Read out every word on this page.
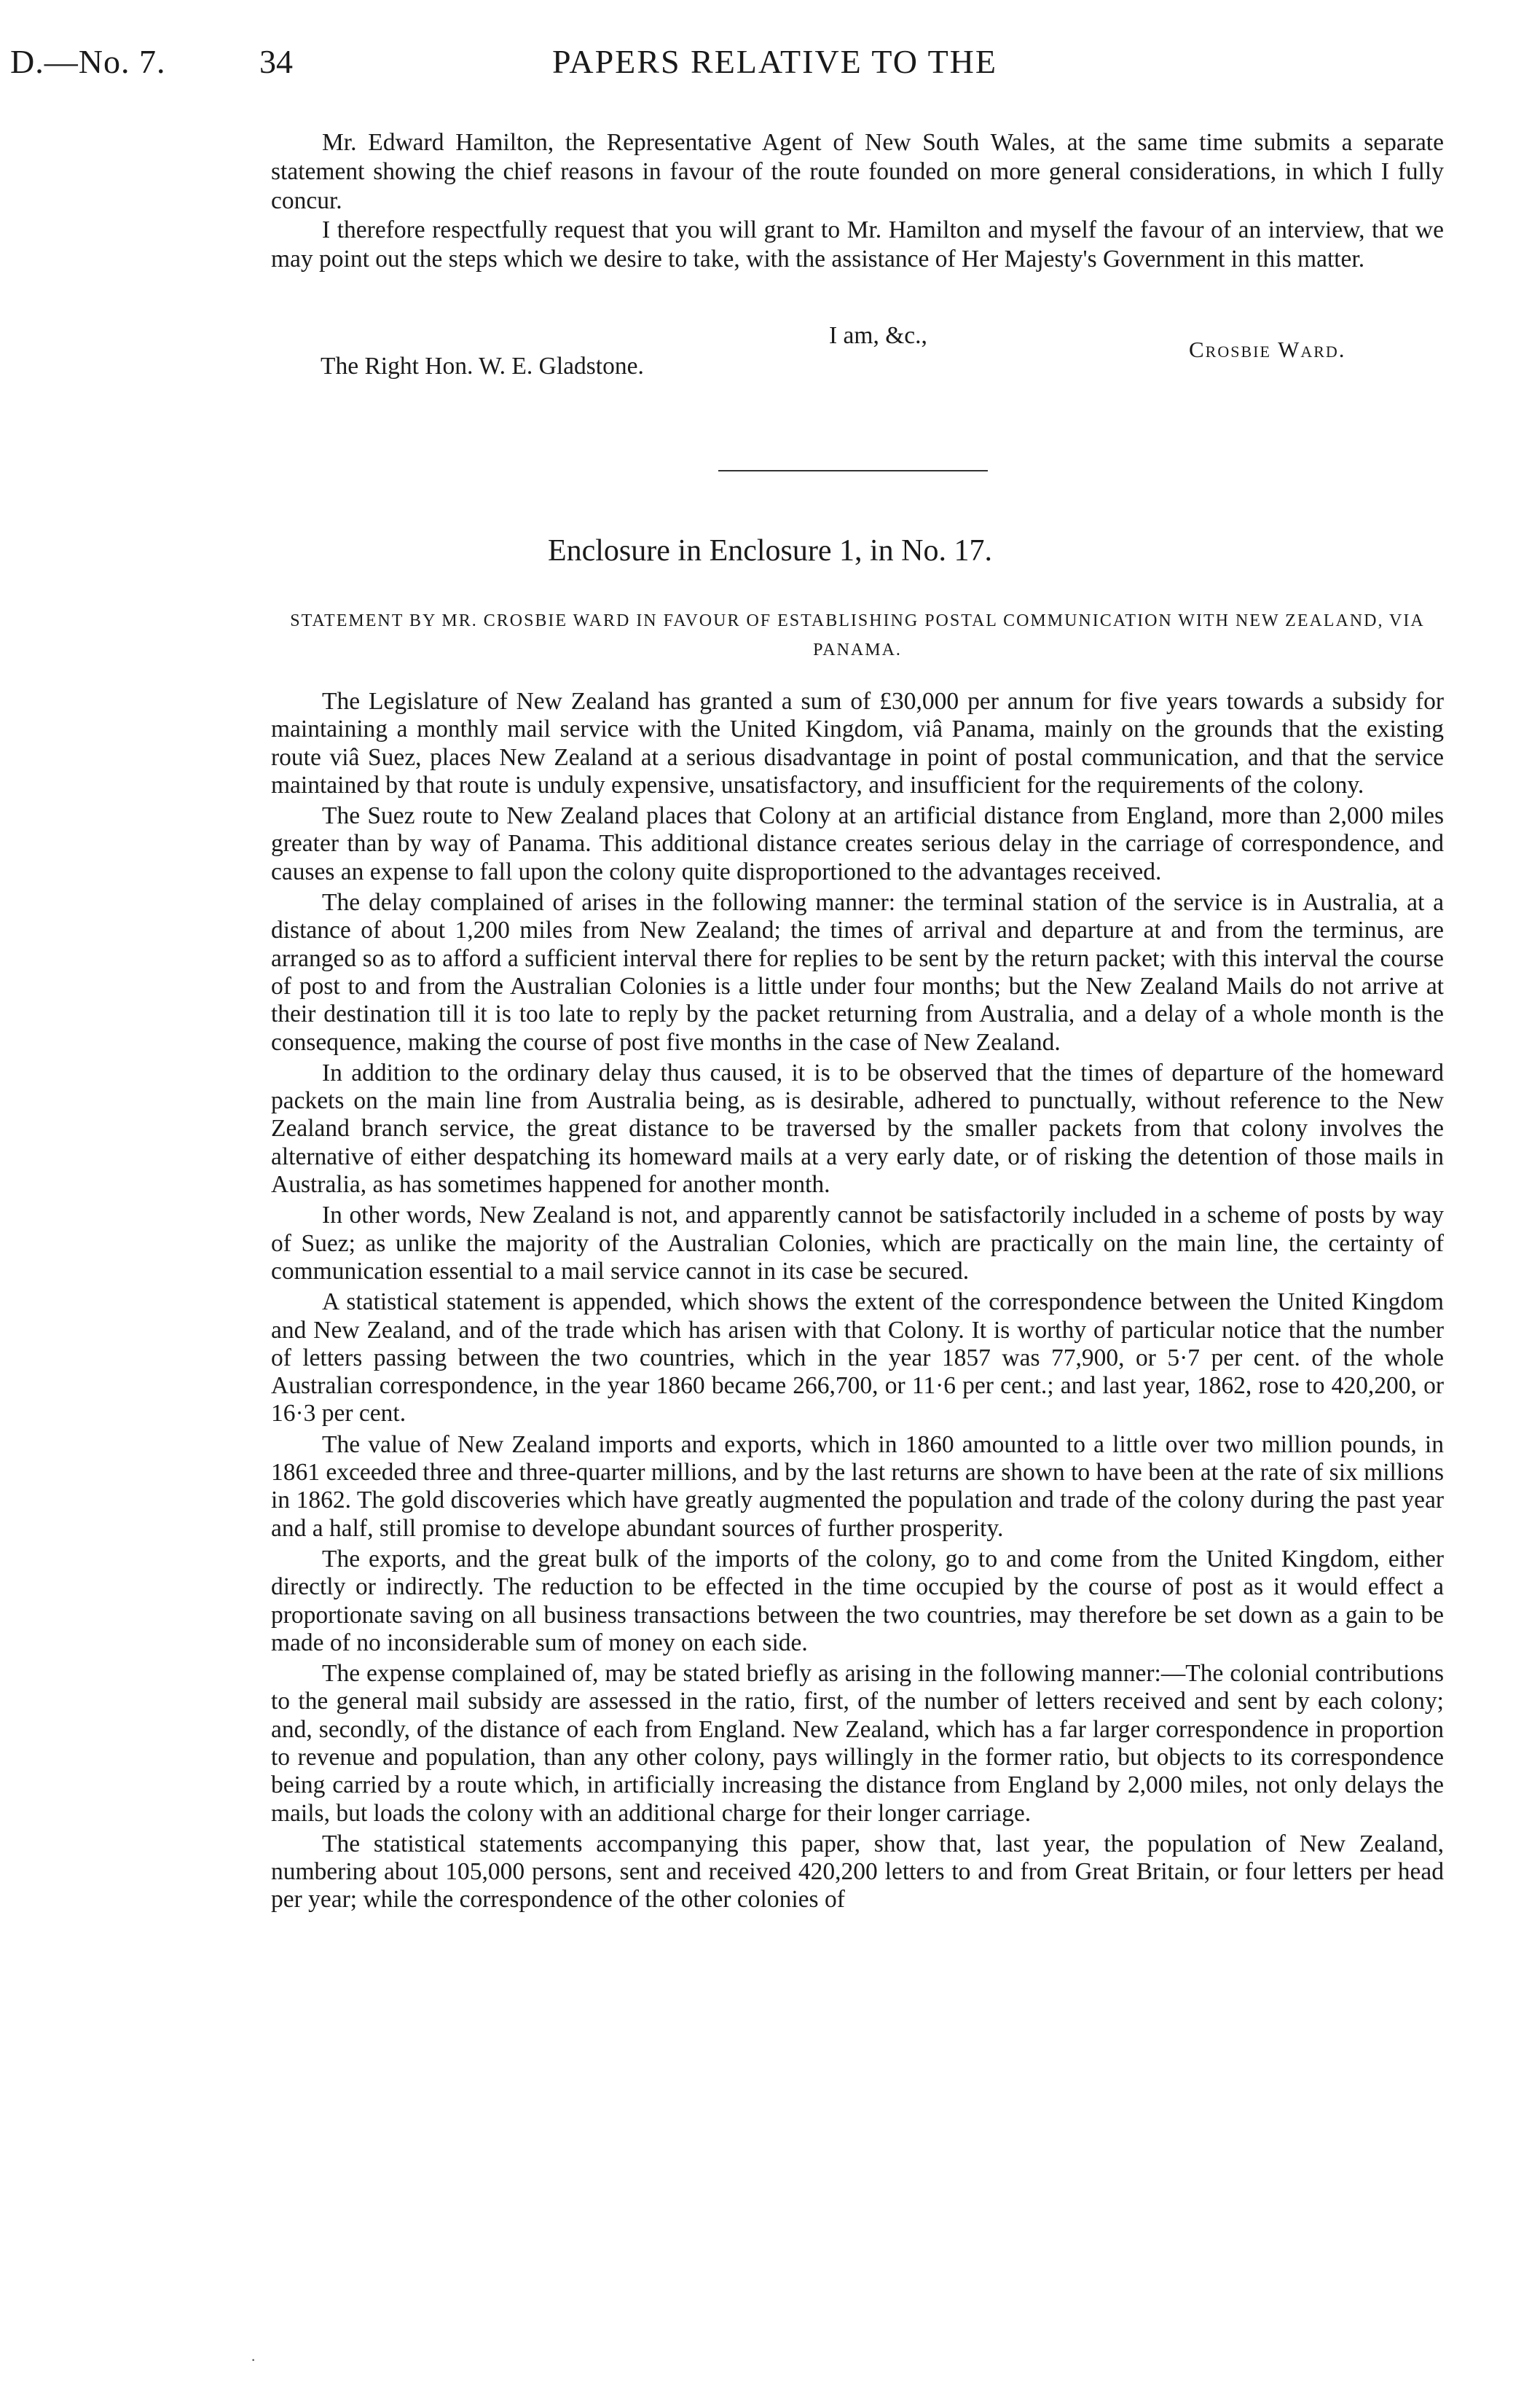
D.—No. 7.	34	PAPERS RELATIVE TO THE

Mr. Edward Hamilton, the Representative Agent of New South Wales, at the same time submits a separate statement showing the chief reasons in favour of the route founded on more general considerations, in which I fully concur.

I therefore respectfully request that you will grant to Mr. Hamilton and myself the favour of an interview, that we may point out the steps which we desire to take, with the assistance of Her Majesty's Government in this matter.

I am, &c.,
Crosbie Ward.
The Right Hon. W. E. Gladstone.
Enclosure in Enclosure 1, in No. 17.
STATEMENT BY MR. CROSBIE WARD IN FAVOUR OF ESTABLISHING POSTAL COMMUNICATION WITH NEW ZEALAND, VIA PANAMA.

The Legislature of New Zealand has granted a sum of £30,000 per annum for five years towards a subsidy for maintaining a monthly mail service with the United Kingdom, viâ Panama, mainly on the grounds that the existing route viâ Suez, places New Zealand at a serious disadvantage in point of postal communication, and that the service maintained by that route is unduly expensive, unsatisfactory, and insufficient for the requirements of the colony.

The Suez route to New Zealand places that Colony at an artificial distance from England, more than 2,000 miles greater than by way of Panama. This additional distance creates serious delay in the carriage of correspondence, and causes an expense to fall upon the colony quite disproportioned to the advantages received.

The delay complained of arises in the following manner: the terminal station of the service is in Australia, at a distance of about 1,200 miles from New Zealand; the times of arrival and departure at and from the terminus, are arranged so as to afford a sufficient interval there for replies to be sent by the return packet; with this interval the course of post to and from the Australian Colonies is a little under four months; but the New Zealand Mails do not arrive at their destination till it is too late to reply by the packet returning from Australia, and a delay of a whole month is the consequence, making the course of post five months in the case of New Zealand.

In addition to the ordinary delay thus caused, it is to be observed that the times of departure of the homeward packets on the main line from Australia being, as is desirable, adhered to punctually, without reference to the New Zealand branch service, the great distance to be traversed by the smaller packets from that colony involves the alternative of either despatching its homeward mails at a very early date, or of risking the detention of those mails in Australia, as has sometimes happened for another month.

In other words, New Zealand is not, and apparently cannot be satisfactorily included in a scheme of posts by way of Suez; as unlike the majority of the Australian Colonies, which are practically on the main line, the certainty of communication essential to a mail service cannot in its case be secured.

A statistical statement is appended, which shows the extent of the correspondence between the United Kingdom and New Zealand, and of the trade which has arisen with that Colony. It is worthy of particular notice that the number of letters passing between the two countries, which in the year 1857 was 77,900, or 5·7 per cent. of the whole Australian correspondence, in the year 1860 became 266,700, or 11·6 per cent.; and last year, 1862, rose to 420,200, or 16·3 per cent.

The value of New Zealand imports and exports, which in 1860 amounted to a little over two million pounds, in 1861 exceeded three and three-quarter millions, and by the last returns are shown to have been at the rate of six millions in 1862. The gold discoveries which have greatly augmented the population and trade of the colony during the past year and a half, still promise to develope abundant sources of further prosperity.

The exports, and the great bulk of the imports of the colony, go to and come from the United Kingdom, either directly or indirectly. The reduction to be effected in the time occupied by the course of post as it would effect a proportionate saving on all business transactions between the two countries, may therefore be set down as a gain to be made of no inconsiderable sum of money on each side.

The expense complained of, may be stated briefly as arising in the following manner:—The colonial contributions to the general mail subsidy are assessed in the ratio, first, of the number of letters received and sent by each colony; and, secondly, of the distance of each from England. New Zealand, which has a far larger correspondence in proportion to revenue and population, than any other colony, pays willingly in the former ratio, but objects to its correspondence being carried by a route which, in artificially increasing the distance from England by 2,000 miles, not only delays the mails, but loads the colony with an additional charge for their longer carriage.

The statistical statements accompanying this paper, show that, last year, the population of New Zealand, numbering about 105,000 persons, sent and received 420,200 letters to and from Great Britain, or four letters per head per year; while the correspondence of the other colonies of

·
